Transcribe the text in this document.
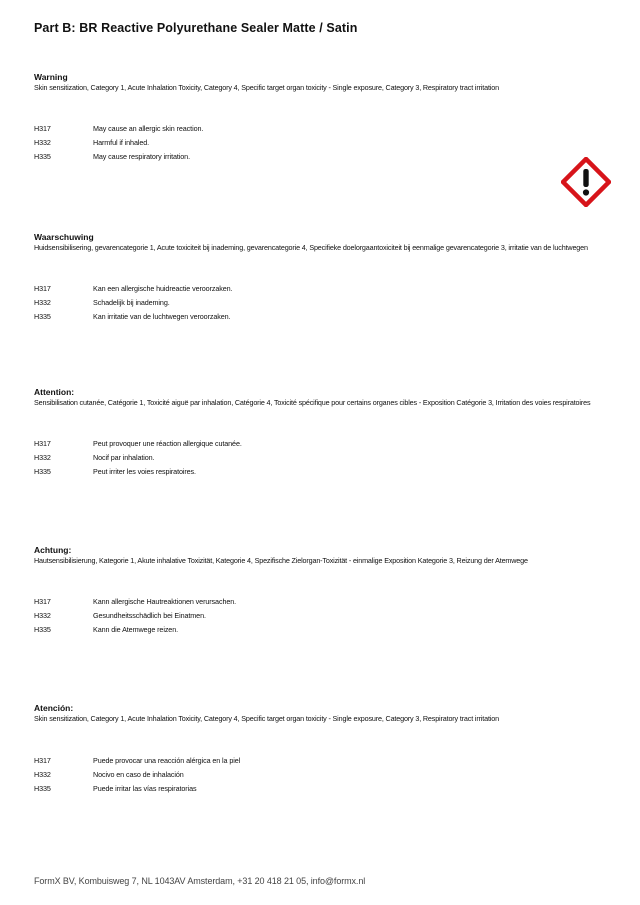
Part B: BR Reactive Polyurethane Sealer Matte / Satin

Warning

Skin sensitization, Category 1, Acute Inhalation Toxicity, Category 4, Specific target organ toxicity - Single exposure, Category 3, Respiratory tract irritation

H317	May cause an allergic skin reaction.
H332	Harmful if inhaled.
H335	May cause respiratory irritation.

Waarschuwing

Huidsensibilisering, gevarencategorie 1, Acute toxiciteit bij inademing, gevarencategorie 4, Specifieke doelorgaantoxiciteit bij eenmalige gevarencategorie 3, irritatie van de luchtwegen

H317	Kan een allergische huidreactie veroorzaken.
H332	Schadelijk bij inademing.
H335	Kan irritatie van de luchtwegen veroorzaken.

Attention:

Sensibilisation cutanée, Catégorie 1, Toxicité aiguë par inhalation, Catégorie 4, Toxicité spécifique pour certains organes cibles - Exposition Catégorie 3, Irritation des voies respiratoires

H317	Peut provoquer une réaction allergique cutanée.
H332	Nocif par inhalation.
H335	Peut irriter les voies respiratoires.

Achtung:

Hautsensibilisierung, Kategorie 1, Akute inhalative Toxizität, Kategorie 4, Spezifische Zielorgan-Toxizität - einmalige Exposition Kategorie 3, Reizung der Atemwege

H317	Kann allergische Hautreaktionen verursachen.
H332	Gesundheitsschädlich bei Einatmen.
H335	Kann die Atemwege reizen.

Atención:

Skin sensitization, Category 1, Acute Inhalation Toxicity, Category 4, Specific target organ toxicity - Single exposure, Category 3, Respiratory tract irritation

H317	Puede provocar una reacción alérgica en la piel
H332	Nocivo en caso de inhalación
H335	Puede irritar las vías respiratorias
FormX BV, Kombuisweg 7, NL 1043AV Amsterdam, +31 20 418 21 05, info@formx.nl
